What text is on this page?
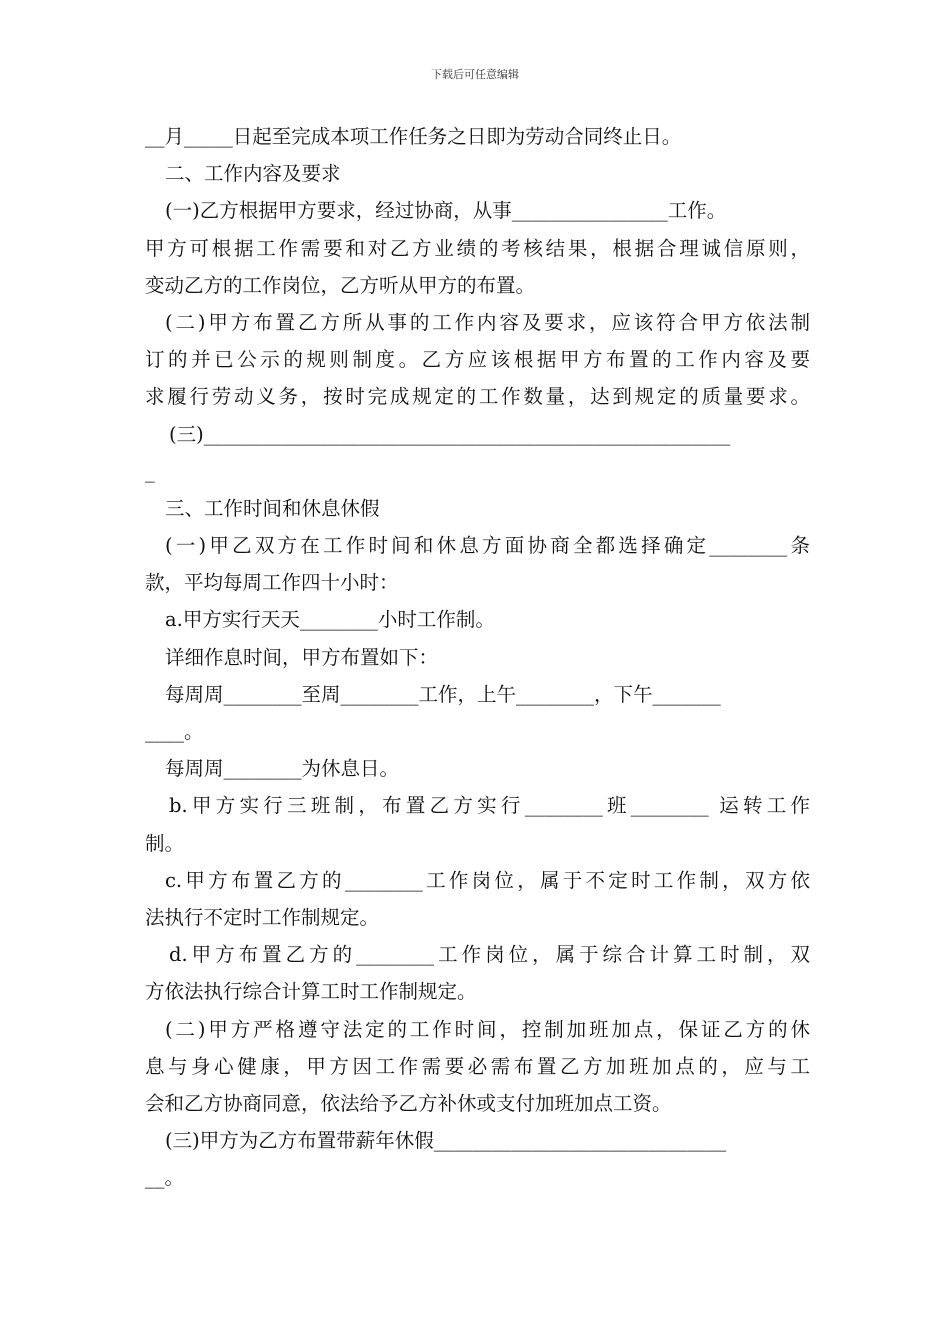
下载后可任意编辑
__月_____日起至完成本项工作任务之日即为劳动合同终止日。
二、工作内容及要求
(一)乙方根据甲方要求，经过协商，从事________________工作。
甲方可根据工作需要和对乙方业绩的考核结果，根据合理诚信原则，
变动乙方的工作岗位，乙方听从甲方的布置。
(二)甲方布置乙方所从事的工作内容及要求，应该符合甲方依法制
订的并已公示的规则制度。乙方应该根据甲方布置的工作内容及要
求履行劳动义务，按时完成规定的工作数量，达到规定的质量要求。
(三)______________________________________________________
_
三、工作时间和休息休假
(一)甲乙双方在工作时间和休息方面协商全都选择确定________条
款，平均每周工作四十小时：
a.甲方实行天天________小时工作制。
详细作息时间，甲方布置如下：
每周周________至周________工作，上午________，下午_______
____。
每周周________为休息日。
b.甲方实行三班制，布置乙方实行________班________ 运转工作
制。
c.甲方布置乙方的________工作岗位，属于不定时工作制，双方依
法执行不定时工作制规定。
d.甲方布置乙方的________工作岗位，属于综合计算工时制，双
方依法执行综合计算工时工作制规定。
(二)甲方严格遵守法定的工作时间，控制加班加点，保证乙方的休
息与身心健康，甲方因工作需要必需布置乙方加班加点的，应与工
会和乙方协商同意，依法给予乙方补休或支付加班加点工资。
(三)甲方为乙方布置带薪年休假______________________________
__。
